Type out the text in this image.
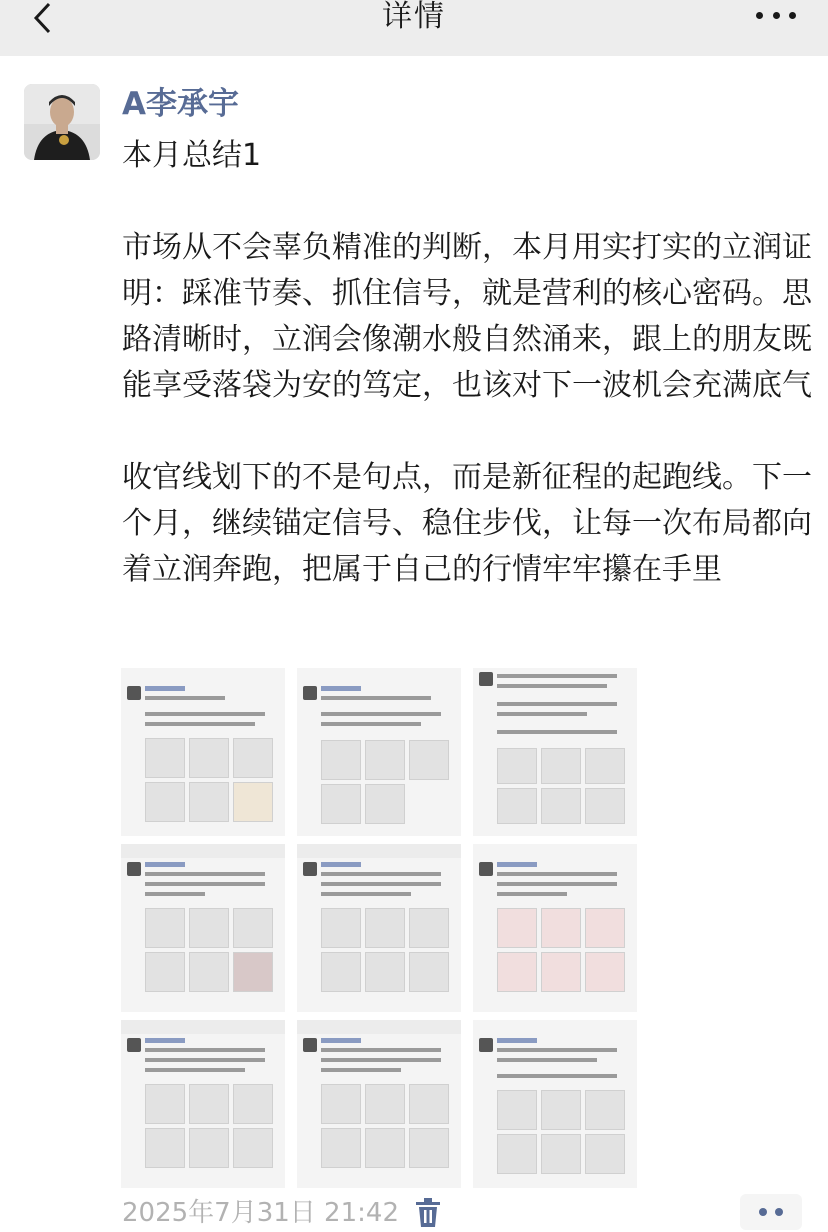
详情
A李承宇

本月总结1

市场从不会辜负精准的判断，本月用实打实的立润证明：踩准节奏、抓住信号，就是营利的核心密码。思路清晰时，立润会像潮水般自然涌来，跟上的朋友既能享受落袋为安的笃定，也该对下一波机会充满底气

收官线划下的不是句点，而是新征程的起跑线。下一个月，继续锚定信号、稳住步伐，让每一次布局都向着立润奔跑，把属于自己的行情牢牢攥在手里

2025年7月31日 21:42
